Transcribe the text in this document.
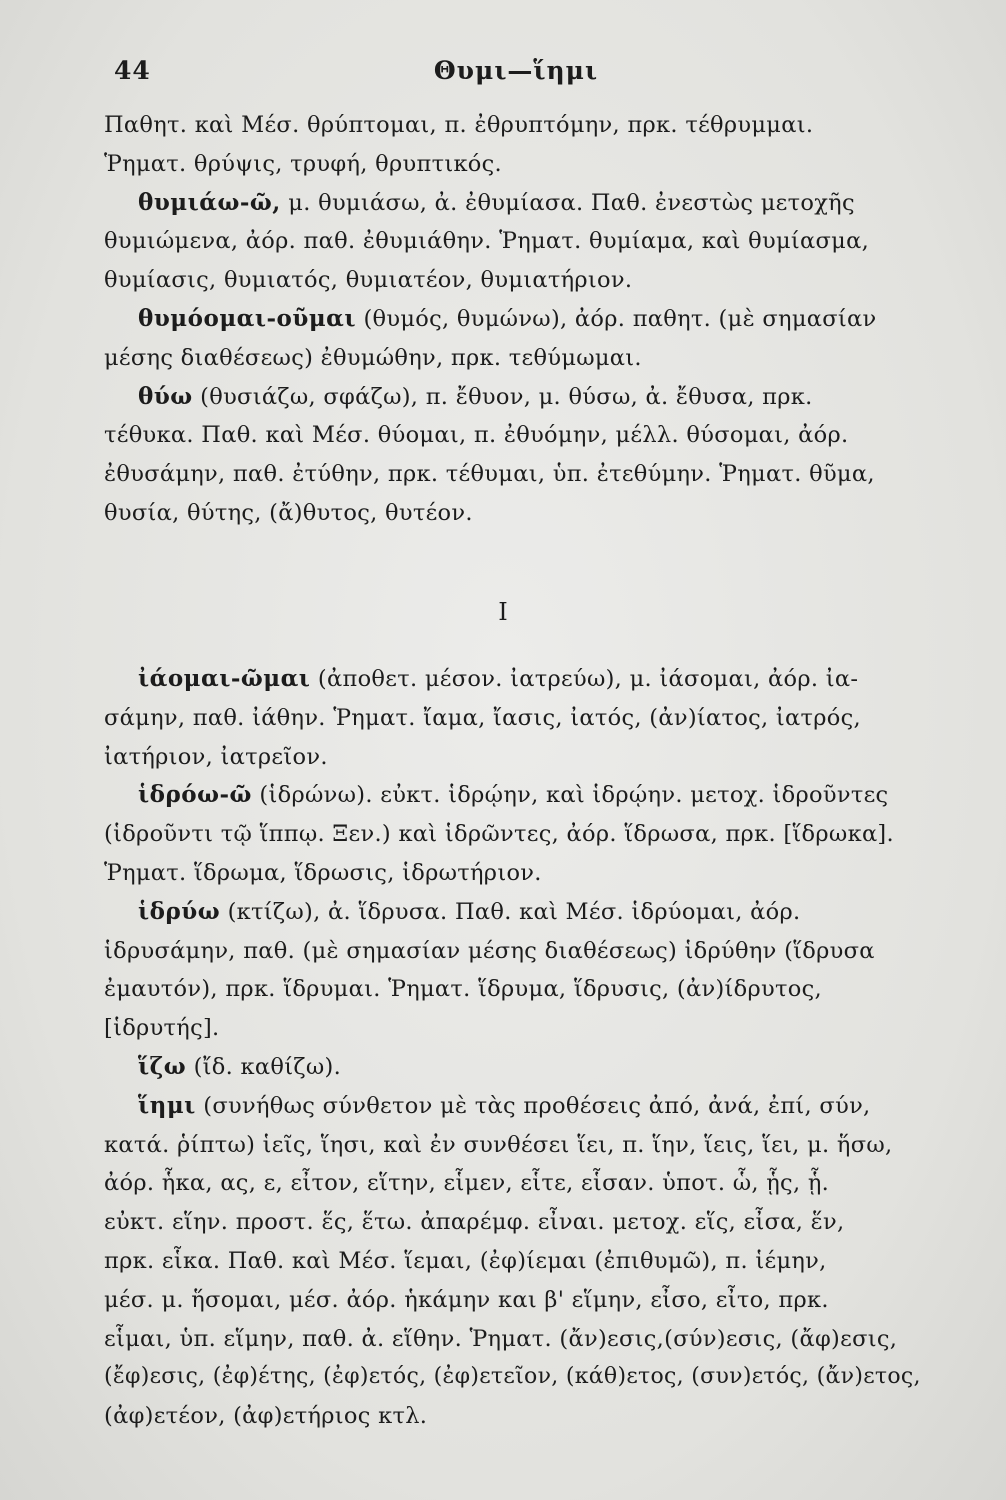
44	Θυμι—ἵημι
Παθητ. καὶ Μέσ. θρύπτομαι, π. ἐθρυπτόμην, πρκ. τέθρυμμαι.
Ῥηματ. θρύψις, τρυφή, θρυπτικός.
θυμιάω-ῶ, μ. θυμιάσω, ἀ. ἐθυμίασα. Παθ. ἐνεστὼς μετοχῆς
θυμιώμενα, ἀόρ. παθ. ἐθυμιάθην. Ῥηματ. θυμίαμα, καὶ θυμίασμα,
θυμίασις, θυμιατός, θυμιατέον, θυμιατήριον.
θυμόομαι-οῦμαι (θυμός, θυμώνω), ἀόρ. παθητ. (μὲ σημασίαν
μέσης διαθέσεως) ἐθυμώθην, πρκ. τεθύμωμαι.
θύω (θυσιάζω, σφάζω), π. ἔθυον, μ. θύσω, ἀ. ἔθυσα, πρκ.
τέθυκα. Παθ. καὶ Μέσ. θύομαι, π. ἐθυόμην, μέλλ. θύσομαι, ἀόρ.
ἐθυσάμην, παθ. ἐτύθην, πρκ. τέθυμαι, ὑπ. ἐτεθύμην. Ῥηματ. θῦμα,
θυσία, θύτης, (ἄ)θυτος, θυτέον.
Ι
ἰάομαι-ῶμαι (ἀποθετ. μέσον. ἰατρεύω), μ. ἰάσομαι, ἀόρ. ἰα-
σάμην, παθ. ἰάθην. Ῥηματ. ἴαμα, ἴασις, ἰατός, (ἀν)ίατος, ἰατρός,
ἰατήριον, ἰατρεῖον.
ἱδρόω-ῶ (ἱδρώνω). εὐκτ. ἱδρῴην, καὶ ἱδρῴην. μετοχ. ἱδροῦντες
(ἱδροῦντι τῷ ἵππῳ. Ξεν.) καὶ ἱδρῶντες, ἀόρ. ἵδρωσα, πρκ. [ἵδρωκα].
Ῥηματ. ἵδρωμα, ἵδρωσις, ἱδρωτήριον.
ἱδρύω (κτίζω), ἀ. ἵδρυσα. Παθ. καὶ Μέσ. ἱδρύομαι, ἀόρ.
ἱδρυσάμην, παθ. (μὲ σημασίαν μέσης διαθέσεως) ἱδρύθην (ἵδρυσα
ἐμαυτόν), πρκ. ἵδρυμαι. Ῥηματ. ἵδρυμα, ἵδρυσις, (ἀν)ίδρυτος,
[ἱδρυτής].
ἵζω (ἴδ. καθίζω).
ἵημι (συνήθως σύνθετον μὲ τὰς προθέσεις ἀπό, ἀνά, ἐπί, σύν,
κατά. ῥίπτω) ἱεῖς, ἵησι, καὶ ἐν συνθέσει ἵει, π. ἵην, ἵεις, ἵει, μ. ἥσω,
ἀόρ. ἧκα, ας, ε, εἶτον, εἵτην, εἷμεν, εἷτε, εἷσαν. ὑποτ. ὧ, ᾗς, ᾗ.
εὐκτ. εἵην. προστ. ἕς, ἕτω. ἀπαρέμφ. εἶναι. μετοχ. εἵς, εἶσα, ἕν,
πρκ. εἷκα. Παθ. καὶ Μέσ. ἵεμαι, (ἐφ)ίεμαι (ἐπιθυμῶ), π. ἱέμην,
μέσ. μ. ἥσομαι, μέσ. ἀόρ. ἡκάμην και β' εἵμην, εἶσο, εἶτο, πρκ.
εἷμαι, ὑπ. εἵμην, παθ. ἀ. εἵθην. Ῥηματ. (ἄν)εσις,(σύν)εσις, (ἄφ)εσις,
(ἔφ)εσις, (ἐφ)έτης, (ἐφ)ετός, (ἐφ)ετεῖον, (κάθ)ετος, (συν)ετός, (ἄν)ετος,
(ἀφ)ετέον, (ἀφ)ετήριος κτλ.
